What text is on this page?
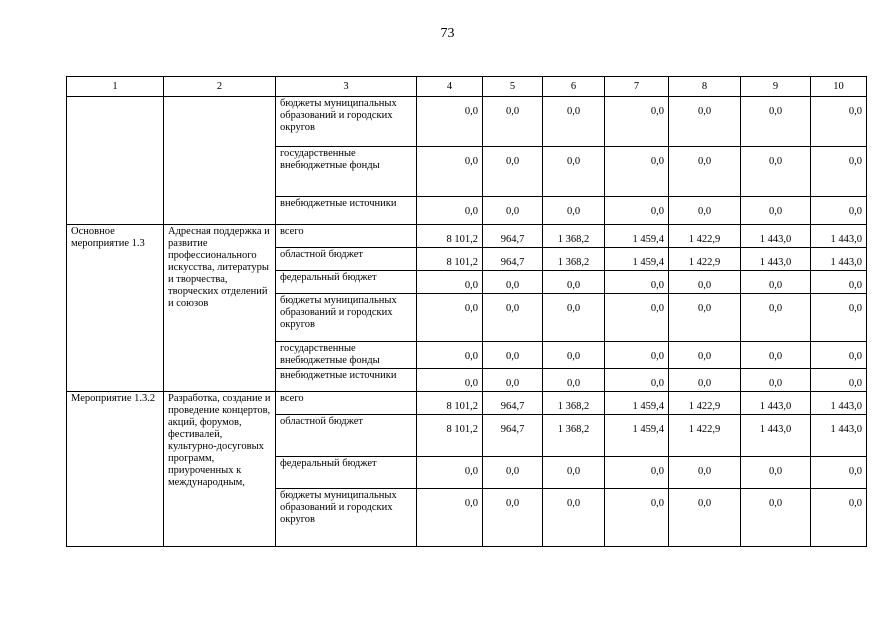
73
1	2	3	4	5	6	7	8	9	10
		бюджеты муниципальных образований и городских округов	0,0	0,0	0,0	0,0	0,0	0,0	0,0
		государственные внебюджетные фонды	0,0	0,0	0,0	0,0	0,0	0,0	0,0
		внебюджетные источники	0,0	0,0	0,0	0,0	0,0	0,0	0,0
Основное мероприятие 1.3	Адресная поддержка и развитие профессионального искусства, литературы и творчества, творческих отделений и союзов	всего	8 101,2	964,7	1 368,2	1 459,4	1 422,9	1 443,0	1 443,0
		областной бюджет	8 101,2	964,7	1 368,2	1 459,4	1 422,9	1 443,0	1 443,0
		федеральный бюджет	0,0	0,0	0,0	0,0	0,0	0,0	0,0
		бюджеты муниципальных образований и городских округов	0,0	0,0	0,0	0,0	0,0	0,0	0,0
		государственные внебюджетные фонды	0,0	0,0	0,0	0,0	0,0	0,0	0,0
		внебюджетные источники	0,0	0,0	0,0	0,0	0,0	0,0	0,0
Мероприятие 1.3.2	Разработка, создание и проведение концертов, акций, форумов, фестивалей, культурно-досуговых программ, приуроченных к международным,	всего	8 101,2	964,7	1 368,2	1 459,4	1 422,9	1 443,0	1 443,0
		областной бюджет	8 101,2	964,7	1 368,2	1 459,4	1 422,9	1 443,0	1 443,0
		федеральный бюджет	0,0	0,0	0,0	0,0	0,0	0,0	0,0
		бюджеты муниципальных образований и городских округов	0,0	0,0	0,0	0,0	0,0	0,0	0,0
